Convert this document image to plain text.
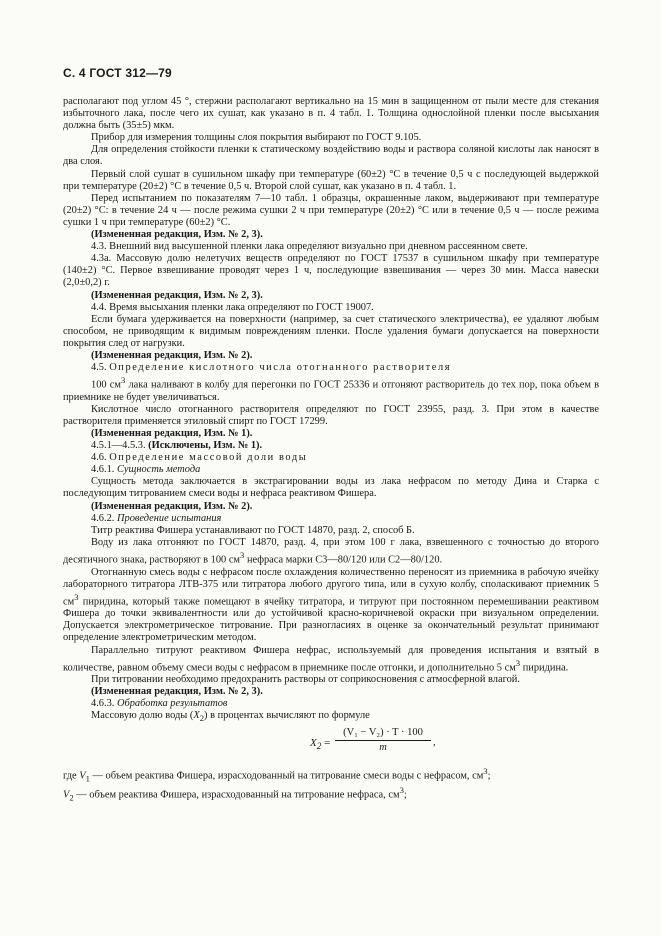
С. 4 ГОСТ 312—79

располагают под углом 45 °, стержни располагают вертикально на 15 мин в защищенном от пыли месте для стекания избыточного лака, после чего их сушат, как указано в п. 4 табл. 1. Толщина однослойной пленки после высыхания должна быть (35±5) мкм.

Прибор для измерения толщины слоя покрытия выбирают по ГОСТ 9.105.

Для определения стойкости пленки к статическому воздействию воды и раствора соляной кислоты лак наносят в два слоя.

Первый слой сушат в сушильном шкафу при температуре (60±2) °С в течение 0,5 ч с последующей выдержкой при температуре (20±2) °С в течение 0,5 ч. Второй слой сушат, как указано в п. 4 табл. 1.

Перед испытанием по показателям 7—10 табл. 1 образцы, окрашенные лаком, выдерживают при температуре (20±2) °С: в течение 24 ч — после режима сушки 2 ч при температуре (20±2) °С или в течение 0,5 ч — после режима сушки 1 ч при температуре (60±2) °С.

(Измененная редакция, Изм. № 2, 3).

4.3. Внешний вид высушенной пленки лака определяют визуально при дневном рассеянном свете.

4.3а. Массовую долю нелетучих веществ определяют по ГОСТ 17537 в сушильном шкафу при температуре (140±2) °С. Первое взвешивание проводят через 1 ч, последующие взвешивания — через 30 мин. Масса навески (2,0±0,2) г.

(Измененная редакция, Изм. № 2, 3).

4.4. Время высыхания пленки лака определяют по ГОСТ 19007.

Если бумага удерживается на поверхности (например, за счет статического электричества), ее удаляют любым способом, не приводящим к видимым повреждениям пленки. После удаления бумаги допускается на поверхности покрытия след от нагрузки.

(Измененная редакция, Изм. № 2).

4.5. Определение кислотного числа отогнанного растворителя

100 $см^3$ лака наливают в колбу для перегонки по ГОСТ 25336 и отгоняют растворитель до тех пор, пока объем в приемнике не будет увеличиваться.

Кислотное число отогнанного растворителя определяют по ГОСТ 23955, разд. 3. При этом в качестве растворителя применяется этиловый спирт по ГОСТ 17299.

(Измененная редакция, Изм. № 1).

4.5.1—4.5.3. (Исключены, Изм. № 1).

4.6. Определение массовой доли воды

4.6.1. Сущность метода

Сущность метода заключается в экстрагировании воды из лака нефрасом по методу Дина и Старка с последующим титрованием смеси воды и нефраса реактивом Фишера.

(Измененная редакция, Изм. № 2).

4.6.2. Проведение испытания

Титр реактива Фишера устанавливают по ГОСТ 14870, разд. 2, способ Б.

Воду из лака отгоняют по ГОСТ 14870, разд. 4, при этом 100 г лака, взвешенного с точностью до второго десятичного знака, растворяют в 100 $см^3$ нефраса марки С3—80/120 или С2—80/120.

Отогнанную смесь воды с нефрасом после охлаждения количественно переносят из приемника в рабочую ячейку лабораторного титратора ЛТВ-375 или титратора любого другого типа, или в сухую колбу, споласкивают приемник 5 $см^3$ пиридина, который также помещают в ячейку титратора, и титруют при постоянном перемешивании реактивом Фишера до точки эквивалентности или до устойчивой красно-коричневой окраски при визуальном определении. Допускается электрометрическое титрование. При разногласиях в оценке за окончательный результат принимают определение электрометрическим методом.

Параллельно титруют реактивом Фишера нефрас, используемый для проведения испытания и взятый в количестве, равном объему смеси воды с нефрасом в приемнике после отгонки, и дополнительно 5 $см^3$ пиридина.

При титровании необходимо предохранить растворы от соприкосновения с атмосферной влагой.

(Измененная редакция, Изм. № 2, 3).

4.6.3. Обработка результатов

Массовую долю воды $(X_2)$ в процентах вычисляют по формуле

$X_2 = \frac{\text{(V₁ − V₂) · T · 100}}{m}$ ,

где $V_1$ — объем реактива Фишера, израсходованный на титрование смеси воды с нефрасом, $см^3$;

$V_2$ — объем реактива Фишера, израсходованный на титрование нефраса, $см^3$;
